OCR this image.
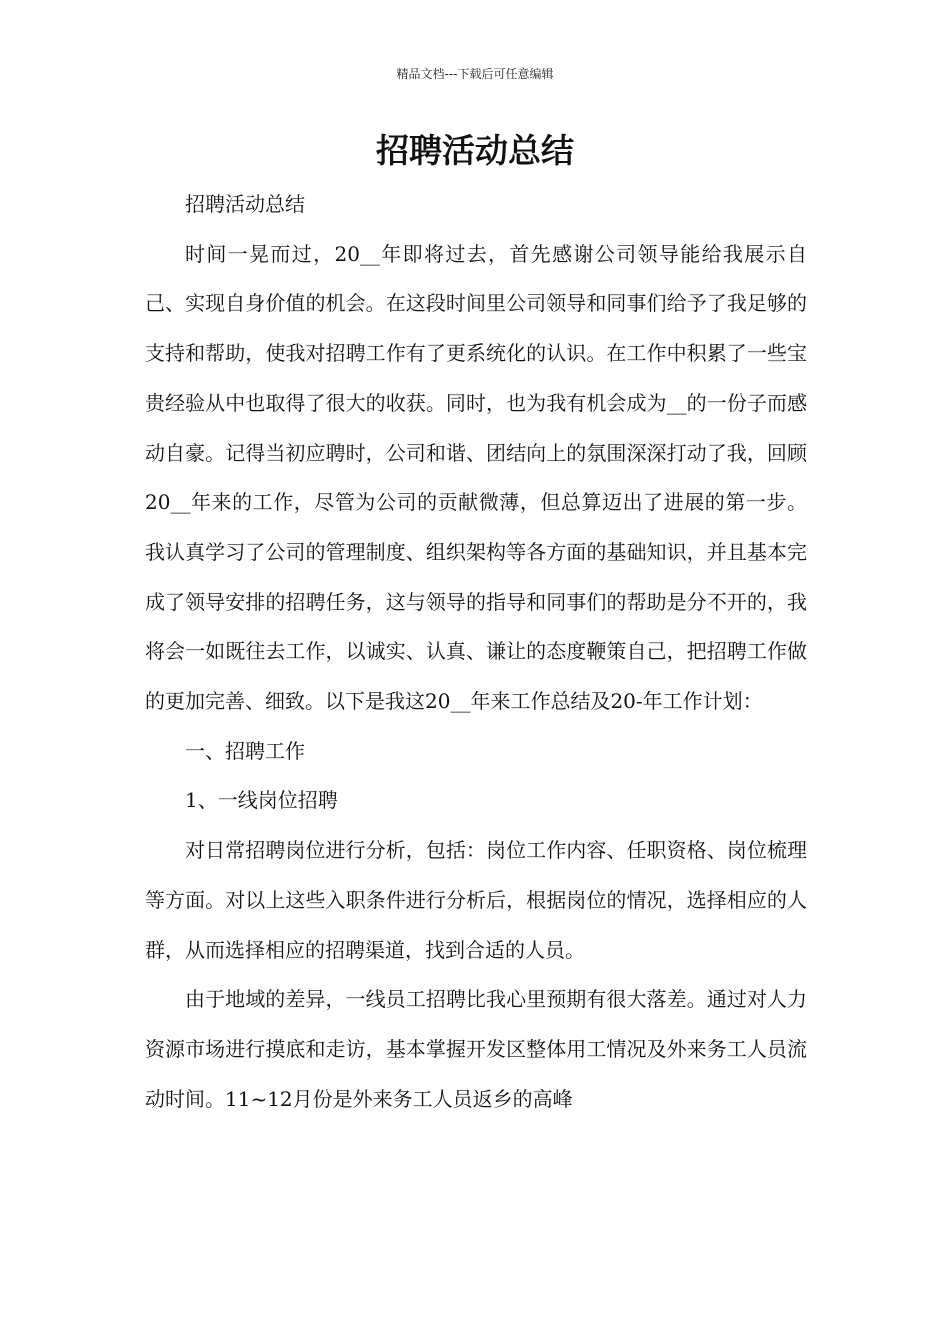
精品文档---下载后可任意编辑
招聘活动总结

招聘活动总结

时间一晃而过，20__年即将过去，首先感谢公司领导能给我展示自己、实现自身价值的机会。在这段时间里公司领导和同事们给予了我足够的支持和帮助，使我对招聘工作有了更系统化的认识。在工作中积累了一些宝贵经验从中也取得了很大的收获。同时，也为我有机会成为__的一份子而感动自豪。记得当初应聘时，公司和谐、团结向上的氛围深深打动了我，回顾20__年来的工作，尽管为公司的贡献微薄，但总算迈出了进展的第一步。我认真学习了公司的管理制度、组织架构等各方面的基础知识，并且基本完成了领导安排的招聘任务，这与领导的指导和同事们的帮助是分不开的，我将会一如既往去工作，以诚实、认真、谦让的态度鞭策自己，把招聘工作做的更加完善、细致。以下是我这20__年来工作总结及20-年工作计划：

一、招聘工作

1、一线岗位招聘

对日常招聘岗位进行分析，包括：岗位工作内容、任职资格、岗位梳理等方面。对以上这些入职条件进行分析后，根据岗位的情况，选择相应的人群，从而选择相应的招聘渠道，找到合适的人员。

由于地域的差异，一线员工招聘比我心里预期有很大落差。通过对人力资源市场进行摸底和走访，基本掌握开发区整体用工情况及外来务工人员流动时间。11~12月份是外来务工人员返乡的高峰
